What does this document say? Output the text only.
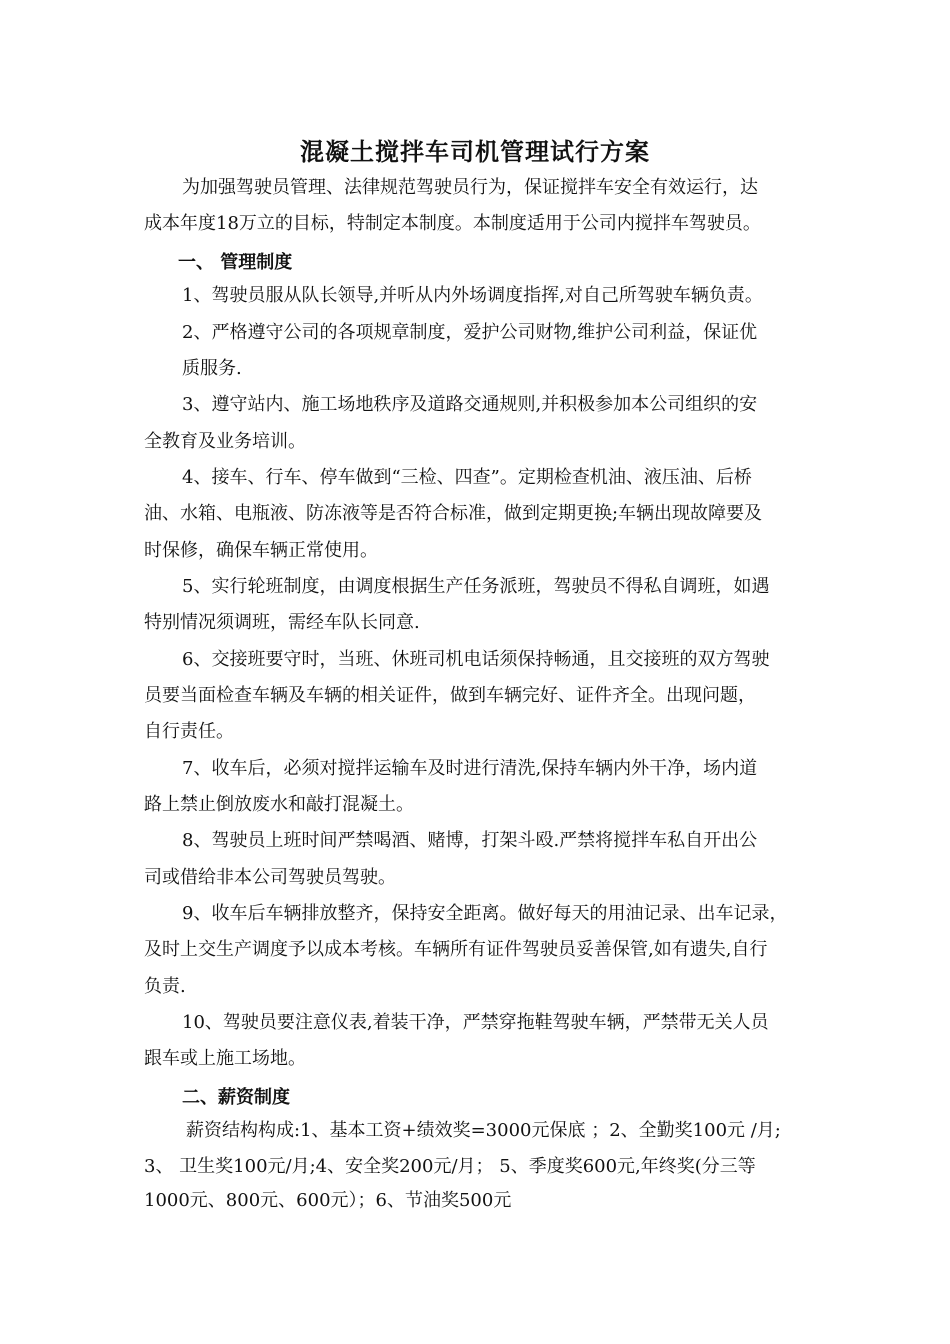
混凝土搅拌车司机管理试行方案
为加强驾驶员管理、法律规范驾驶员行为，保证搅拌车安全有效运行，达
成本年度18万立的目标，特制定本制度。本制度适用于公司内搅拌车驾驶员。
一、 管理制度
1、驾驶员服从队长领导,并听从内外场调度指挥,对自己所驾驶车辆负责。
2、严格遵守公司的各项规章制度，爱护公司财物,维护公司利益，保证优
质服务.
3、遵守站内、施工场地秩序及道路交通规则,并积极参加本公司组织的安
全教育及业务培训。
4、接车、行车、停车做到“三检、四查”。定期检查机油、液压油、后桥
油、水箱、电瓶液、防冻液等是否符合标准，做到定期更换;车辆出现故障要及
时保修，确保车辆正常使用。
5、实行轮班制度，由调度根据生产任务派班，驾驶员不得私自调班，如遇
特别情况须调班，需经车队长同意.
6、交接班要守时，当班、休班司机电话须保持畅通，且交接班的双方驾驶
员要当面检查车辆及车辆的相关证件，做到车辆完好、证件齐全。出现问题，
自行责任。
7、收车后，必须对搅拌运输车及时进行清洗,保持车辆内外干净，场内道
路上禁止倒放废水和敲打混凝土。
8、驾驶员上班时间严禁喝酒、赌博，打架斗殴.严禁将搅拌车私自开出公
司或借给非本公司驾驶员驾驶。
9、收车后车辆排放整齐，保持安全距离。做好每天的用油记录、出车记录，
及时上交生产调度予以成本考核。车辆所有证件驾驶员妥善保管,如有遗失,自行
负责.
10、驾驶员要注意仪表,着装干净，严禁穿拖鞋驾驶车辆，严禁带无关人员
跟车或上施工场地。
二、薪资制度
薪资结构构成:1、基本工资+绩效奖=3000元保底 ；2、全勤奖100元 /月;
3、 卫生奖100元/月;4、安全奖200元/月； 5、季度奖600元,年终奖(分三等
1000元、800元、600元）；6、节油奖500元
